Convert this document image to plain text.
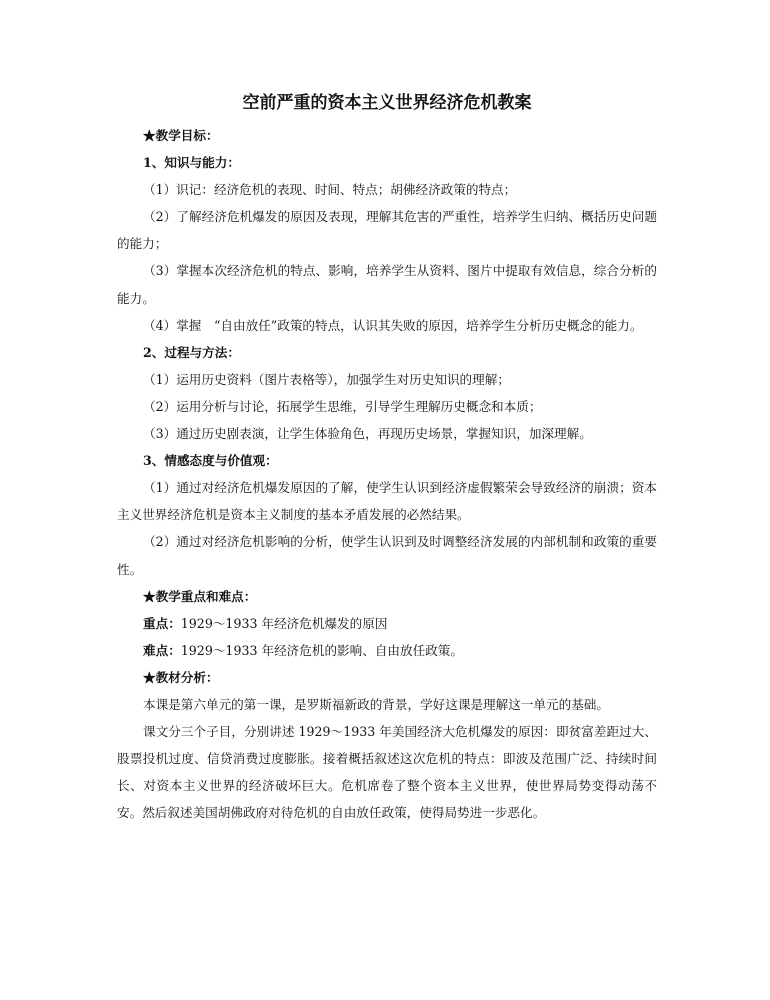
空前严重的资本主义世界经济危机教案

★教学目标：

1、知识与能力：

（1）识记：经济危机的表现、时间、特点；胡佛经济政策的特点；

（2）了解经济危机爆发的原因及表现，理解其危害的严重性，培养学生归纳、概括历史问题的能力；

（3）掌握本次经济危机的特点、影响，培养学生从资料、图片中提取有效信息，综合分析的能力。

（4）掌握　“自由放任”政策的特点，认识其失败的原因，培养学生分析历史概念的能力。

2、过程与方法：

（1）运用历史资料（图片表格等），加强学生对历史知识的理解；

（2）运用分析与讨论，拓展学生思维，引导学生理解历史概念和本质；

（3）通过历史剧表演，让学生体验角色，再现历史场景，掌握知识，加深理解。

3、情感态度与价值观：

（1）通过对经济危机爆发原因的了解，使学生认识到经济虚假繁荣会导致经济的崩溃；资本主义世界经济危机是资本主义制度的基本矛盾发展的必然结果。

（2）通过对经济危机影响的分析，使学生认识到及时调整经济发展的内部机制和政策的重要性。

★教学重点和难点：

重点：1929～1933 年经济危机爆发的原因

难点：1929～1933 年经济危机的影响、自由放任政策。

★教材分析：

本课是第六单元的第一课，是罗斯福新政的背景，学好这课是理解这一单元的基础。

课文分三个子目，分别讲述 1929～1933 年美国经济大危机爆发的原因：即贫富差距过大、股票投机过度、信贷消费过度膨胀。接着概括叙述这次危机的特点：即波及范围广泛、持续时间长、对资本主义世界的经济破坏巨大。危机席卷了整个资本主义世界，使世界局势变得动荡不安。然后叙述美国胡佛政府对待危机的自由放任政策，使得局势进一步恶化。
